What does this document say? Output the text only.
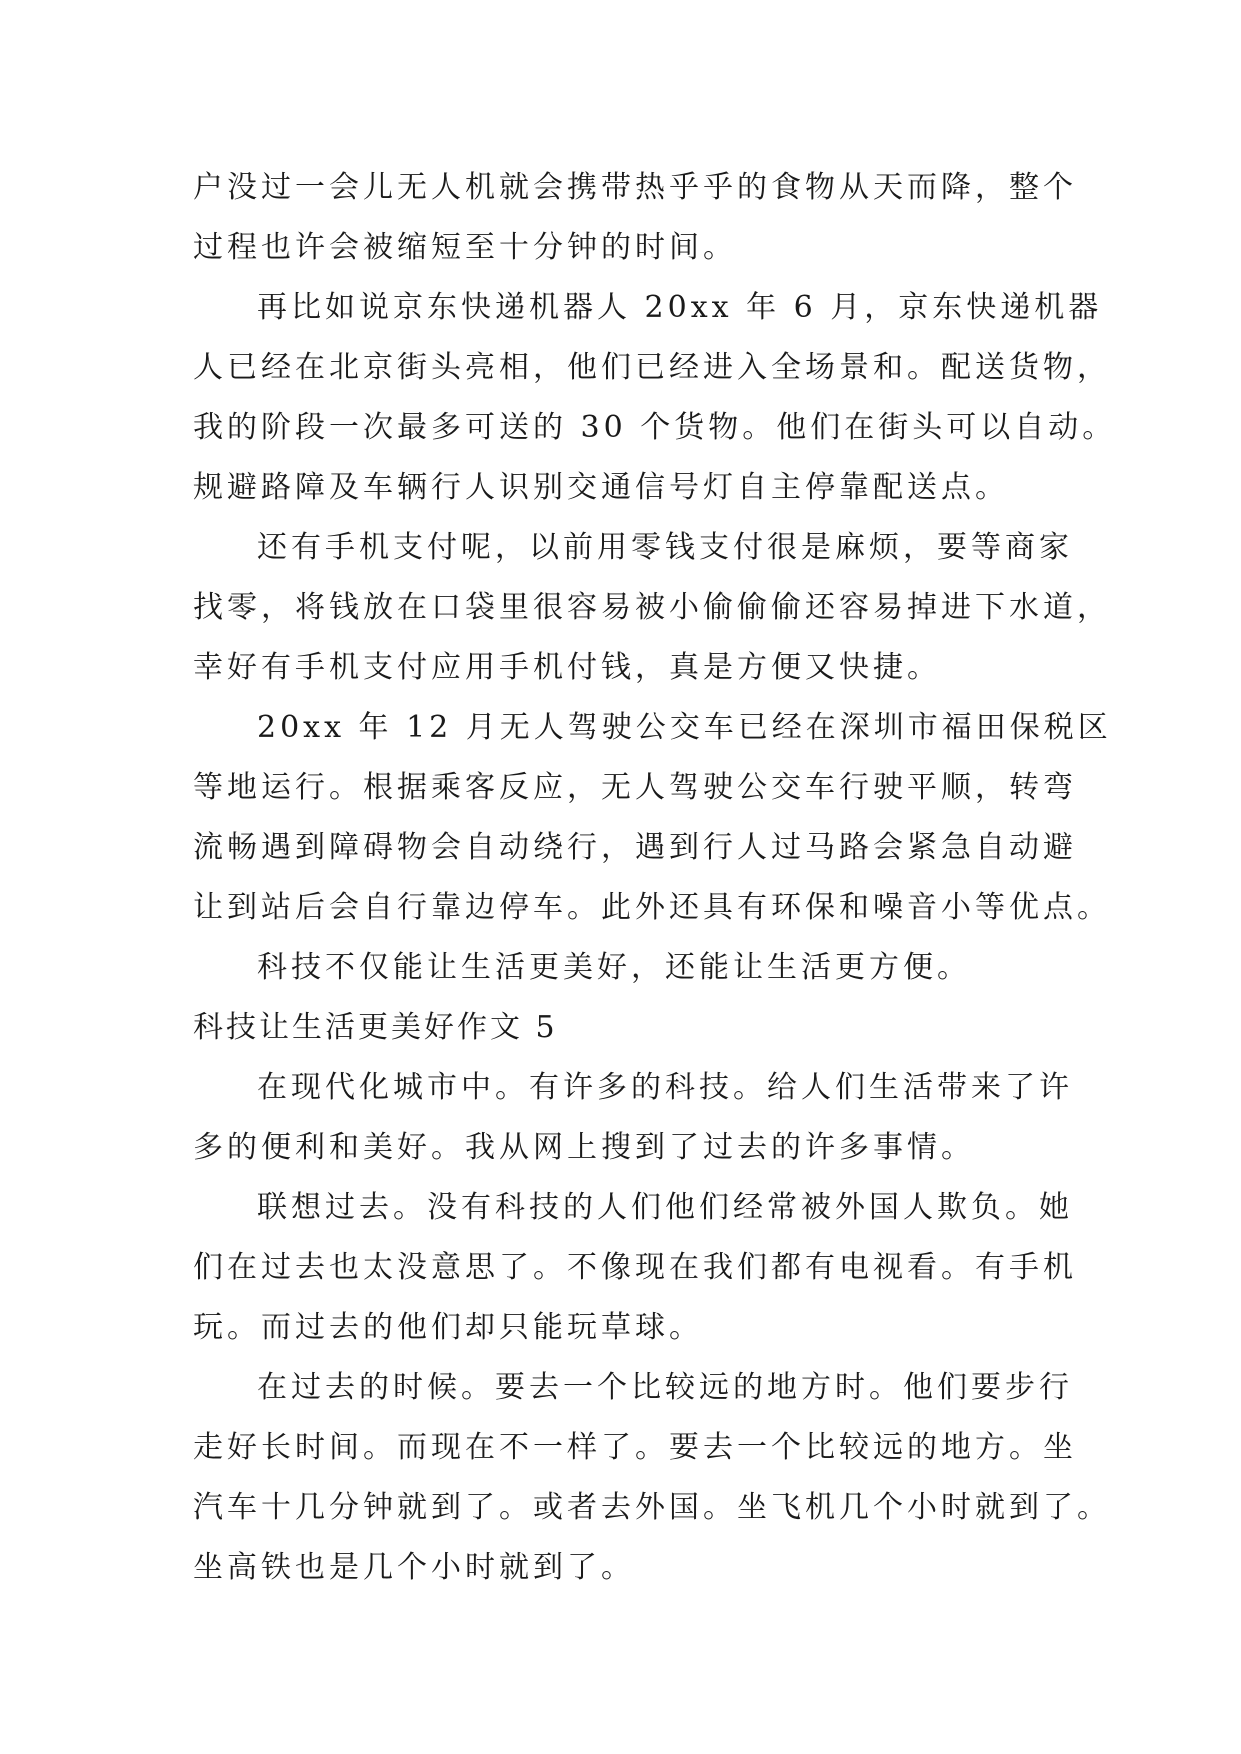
户没过一会儿无人机就会携带热乎乎的食物从天而降，整个
过程也许会被缩短至十分钟的时间。
再比如说京东快递机器人 20xx 年 6 月，京东快递机器
人已经在北京街头亮相，他们已经进入全场景和。配送货物，
我的阶段一次最多可送的 30 个货物。他们在街头可以自动。
规避路障及车辆行人识别交通信号灯自主停靠配送点。
还有手机支付呢，以前用零钱支付很是麻烦，要等商家
找零，将钱放在口袋里很容易被小偷偷偷还容易掉进下水道，
幸好有手机支付应用手机付钱，真是方便又快捷。
20xx 年 12 月无人驾驶公交车已经在深圳市福田保税区
等地运行。根据乘客反应，无人驾驶公交车行驶平顺，转弯
流畅遇到障碍物会自动绕行，遇到行人过马路会紧急自动避
让到站后会自行靠边停车。此外还具有环保和噪音小等优点。
科技不仅能让生活更美好，还能让生活更方便。
科技让生活更美好作文 5
在现代化城市中。有许多的科技。给人们生活带来了许
多的便利和美好。我从网上搜到了过去的许多事情。
联想过去。没有科技的人们他们经常被外国人欺负。她
们在过去也太没意思了。不像现在我们都有电视看。有手机
玩。而过去的他们却只能玩草球。
在过去的时候。要去一个比较远的地方时。他们要步行
走好长时间。而现在不一样了。要去一个比较远的地方。坐
汽车十几分钟就到了。或者去外国。坐飞机几个小时就到了。
坐高铁也是几个小时就到了。
